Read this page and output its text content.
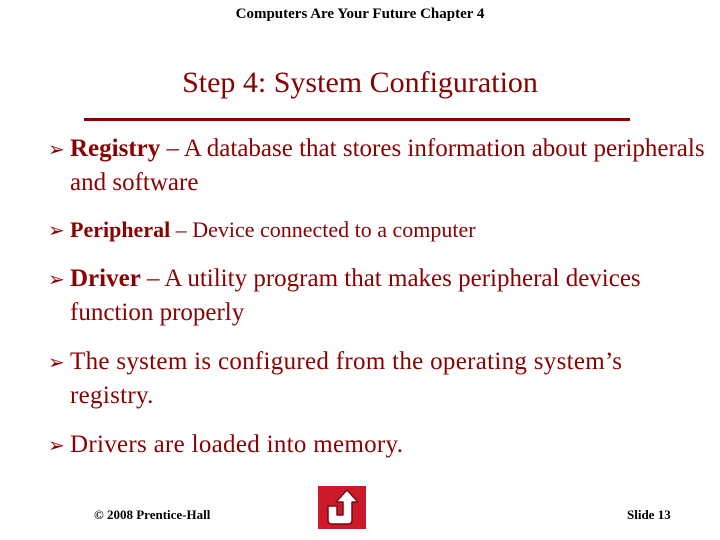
Computers Are Your Future Chapter 4
Step 4: System Configuration
➢ Registry – A database that stores information about peripherals and software
➢ Peripheral – Device connected to a computer
➢ Driver – A utility program that makes peripheral devices function properly
➢ The system is configured from the operating system’s registry.
➢ Drivers are loaded into memory.
© 2008 Prentice-Hall	Slide 13
